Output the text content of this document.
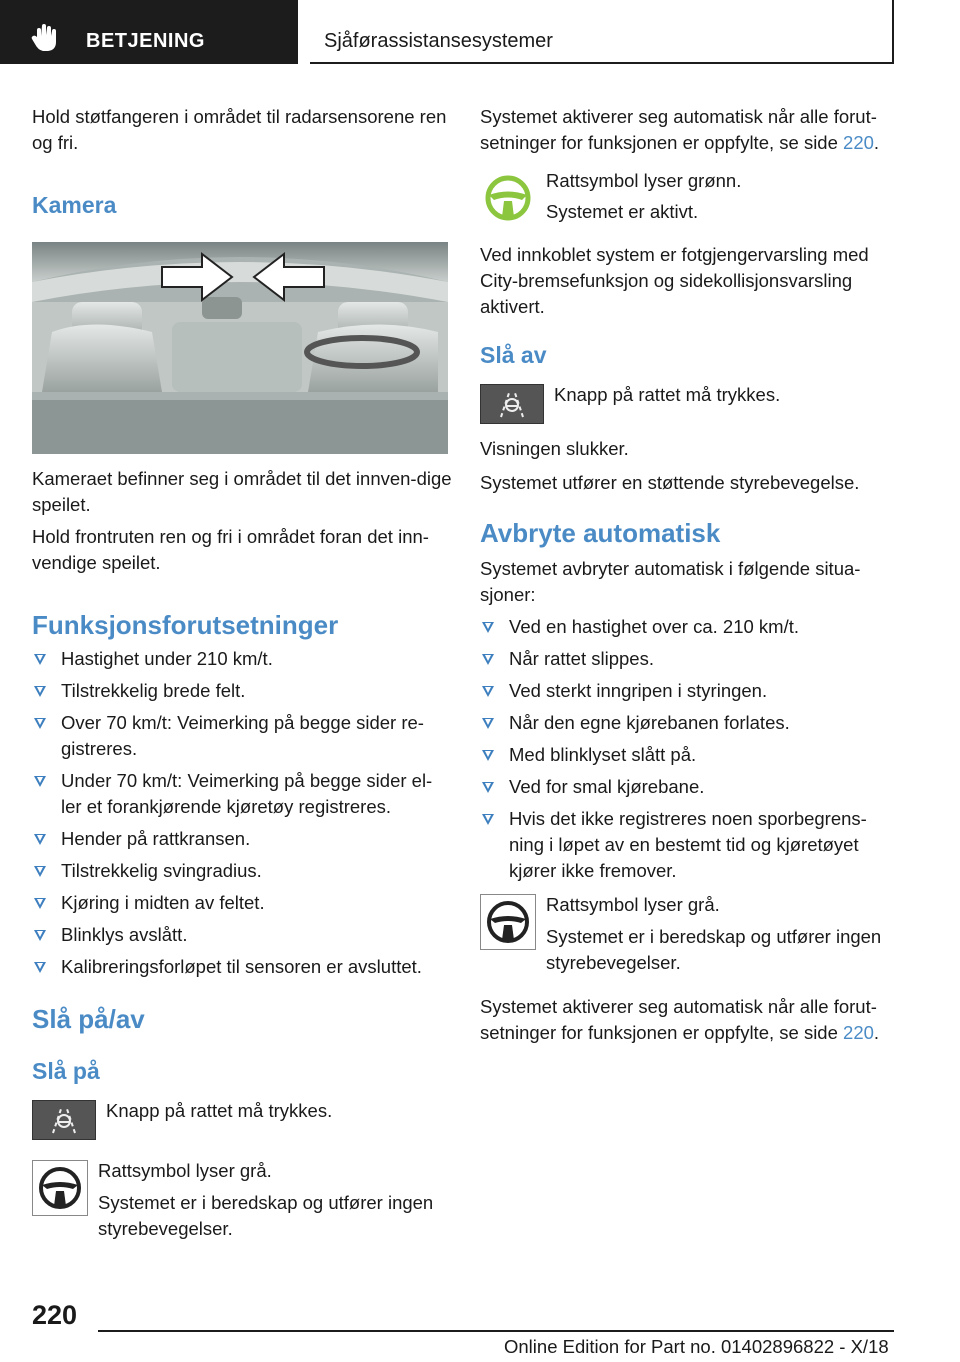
BETJENING	Sjåførassistansesystemer

Hold støtfangeren i området til radarsensorene ren og fri.

Kamera

Kameraet befinner seg i området til det innven-dige speilet.

Hold frontruten ren og fri i området foran det inn-vendige speilet.

Funksjonsforutsetninger
Hastighet under 210 km/t.
Tilstrekkelig brede felt.
Over 70 km/t: Veimerking på begge sider re-gistreres.
Under 70 km/t: Veimerking på begge sider el-ler et forankjørende kjøretøy registreres.
Hender på rattkransen.
Tilstrekkelig svingradius.
Kjøring i midten av feltet.
Blinklys avslått.
Kalibreringsforløpet til sensoren er avsluttet.
Slå på/av
Slå på

Knapp på rattet må trykkes.

Rattsymbol lyser grå.

Systemet er i beredskap og utfører ingen styrebevegelser.

Systemet aktiverer seg automatisk når alle forut-setninger for funksjonen er oppfylte, se side 220.

Rattsymbol lyser grønn.

Systemet er aktivt.

Ved innkoblet system er fotgjengervarsling med City-bremsefunksjon og sidekollisjonsvarsling aktivert.

Slå av

Knapp på rattet må trykkes.

Visningen slukker.

Systemet utfører en støttende styrebevegelse.

Avbryte automatisk

Systemet avbryter automatisk i følgende situa-sjoner:

Ved en hastighet over ca. 210 km/t.
Når rattet slippes.
Ved sterkt inngripen i styringen.
Når den egne kjørebanen forlates.
Med blinklyset slått på.
Ved for smal kjørebane.
Hvis det ikke registreres noen sporbegrens-ning i løpet av en bestemt tid og kjøretøyet kjører ikke fremover.

Rattsymbol lyser grå.

Systemet er i beredskap og utfører ingen styrebevegelser.

Systemet aktiverer seg automatisk når alle forut-setninger for funksjonen er oppfylte, se side 220.

220
Online Edition for Part no. 01402896822 - X/18
